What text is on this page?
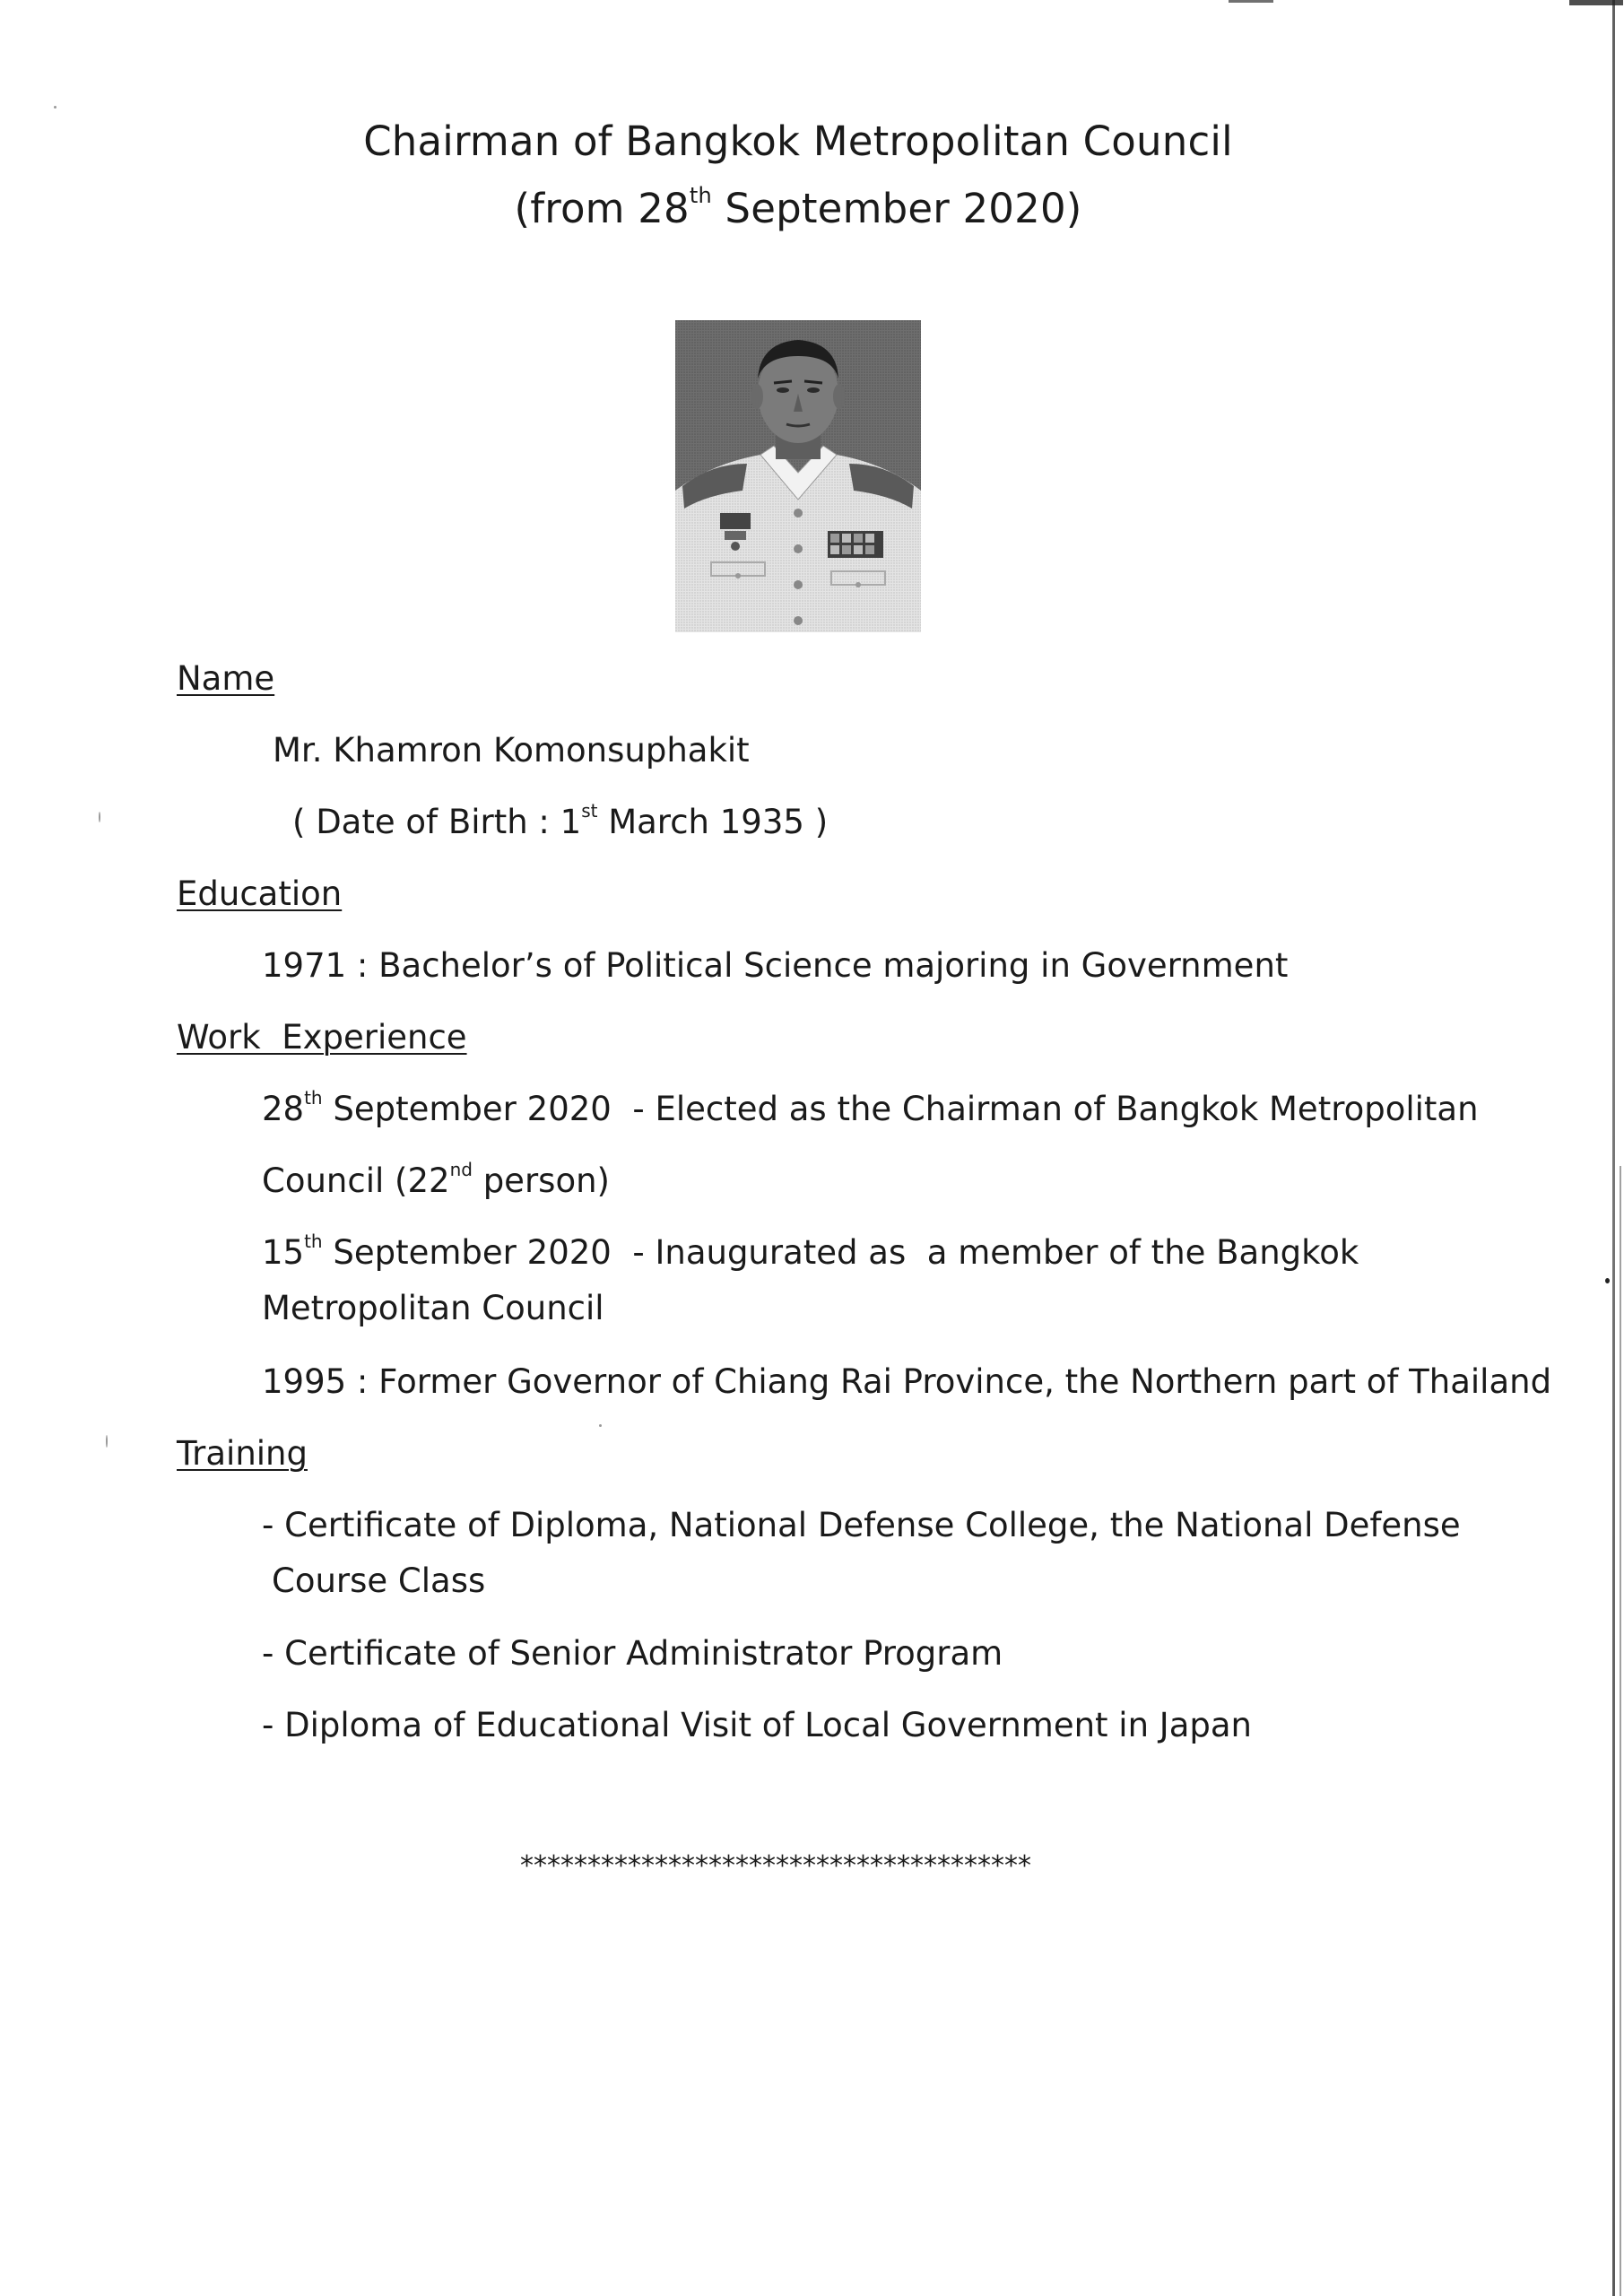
Chairman of Bangkok Metropolitan Council
(from 28th September 2020)
Name
Mr. Khamron Komonsuphakit
( Date of Birth : 1st March 1935 )
Education
1971 : Bachelor’s of Political Science majoring in Government
Work  Experience
28th September 2020  - Elected as the Chairman of Bangkok Metropolitan
Council (22nd person)
15th September 2020  - Inaugurated as  a member of the Bangkok
Metropolitan Council
1995 : Former Governor of Chiang Rai Province, the Northern part of Thailand
Training
- Certificate of Diploma, National Defense College, the National Defense
Course Class
- Certificate of Senior Administrator Program
- Diploma of Educational Visit of Local Government in Japan
**************************************
